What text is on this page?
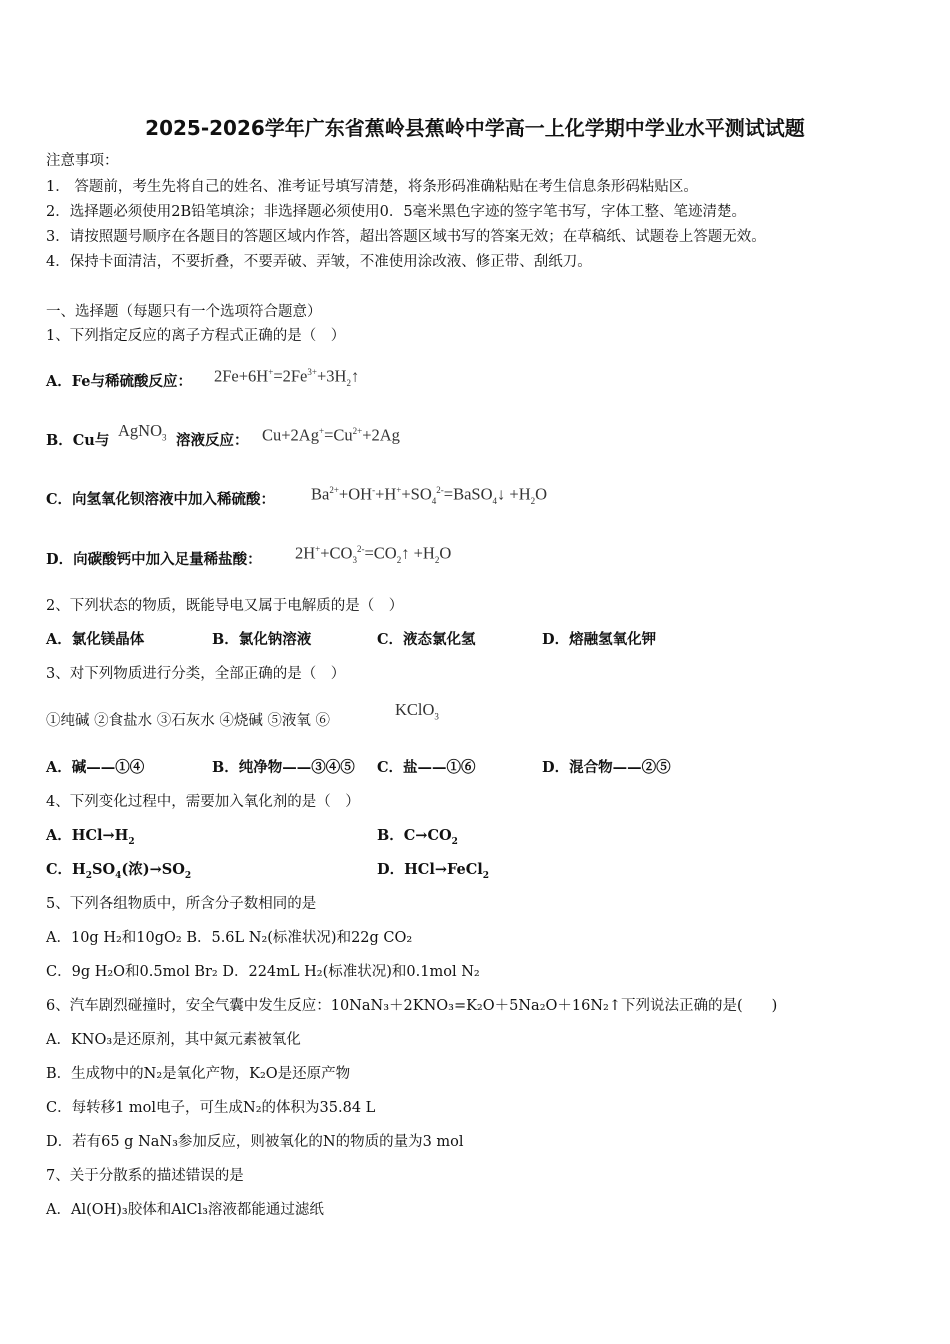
2025-2026学年广东省蕉岭县蕉岭中学高一上化学期中学业水平测试试题
注意事项：
1． 答题前，考生先将自己的姓名、准考证号填写清楚，将条形码准确粘贴在考生信息条形码粘贴区。
2．选择题必须使用2B铅笔填涂；非选择题必须使用0．5毫米黑色字迹的签字笔书写，字体工整、笔迹清楚。
3．请按照题号顺序在各题目的答题区域内作答，超出答题区域书写的答案无效；在草稿纸、试题卷上答题无效。
4．保持卡面清洁，不要折叠，不要弄破、弄皱，不准使用涂改液、修正带、刮纸刀。
一、选择题（每题只有一个选项符合题意）
1、下列指定反应的离子方程式正确的是（　）
A．Fe与稀硫酸反应： $2Fe+6H^+=2Fe^{3+}+3H_2↑$
B．Cu与
AgNO$_3$ 溶液反应： $Cu+2Ag^+=Cu^{2+}+2Ag$
C．向氢氧化钡溶液中加入稀硫酸： $Ba^{2+}+OH^-+H^++SO_4^{2-}=BaSO_4↓ +H_2O$
D．向碳酸钙中加入足量稀盐酸： $2H^++CO_3^{2-}=CO_2↑ +H_2O$
2、下列状态的物质，既能导电又属于电解质的是（　）
A．氯化镁晶体	B．氯化钠溶液	C．液态氯化氢	D．熔融氢氧化钾
3、对下列物质进行分类，全部正确的是（　）
①纯碱 ②食盐水 ③石灰水 ④烧碱 ⑤液氧 ⑥
KClO$_3$
A．碱——①④	B．纯净物——③④⑤ C．盐——①⑥	D．混合物——②⑤
4、下列变化过程中，需要加入氧化剂的是（　）
A．$HCl\to H_2$	B．$C\to CO_2$
C．$H_2SO_4$(浓)$\to SO_2$	D．HCl→FeCl$_2$
5、下列各组物质中，所含分子数相同的是
A．10g H₂和10gO₂ B．5.6L N₂(标准状况)和22g CO₂
C．9g H₂O和0.5mol Br₂ D．224mL H₂(标准状况)和0.1mol N₂
6、汽车剧烈碰撞时，安全气囊中发生反应：10NaN₃＋2KNO₃=K₂O＋5Na₂O＋16N₂↑下列说法正确的是(　　)
A．KNO₃是还原剂，其中氮元素被氧化
B．生成物中的N₂是氧化产物，K₂O是还原产物
C．每转移1 mol电子，可生成N₂的体积为35.84 L
D．若有65 g NaN₃参加反应，则被氧化的N的物质的量为3 mol
7、关于分散系的描述错误的是
A．Al(OH)₃胶体和AlCl₃溶液都能通过滤纸
